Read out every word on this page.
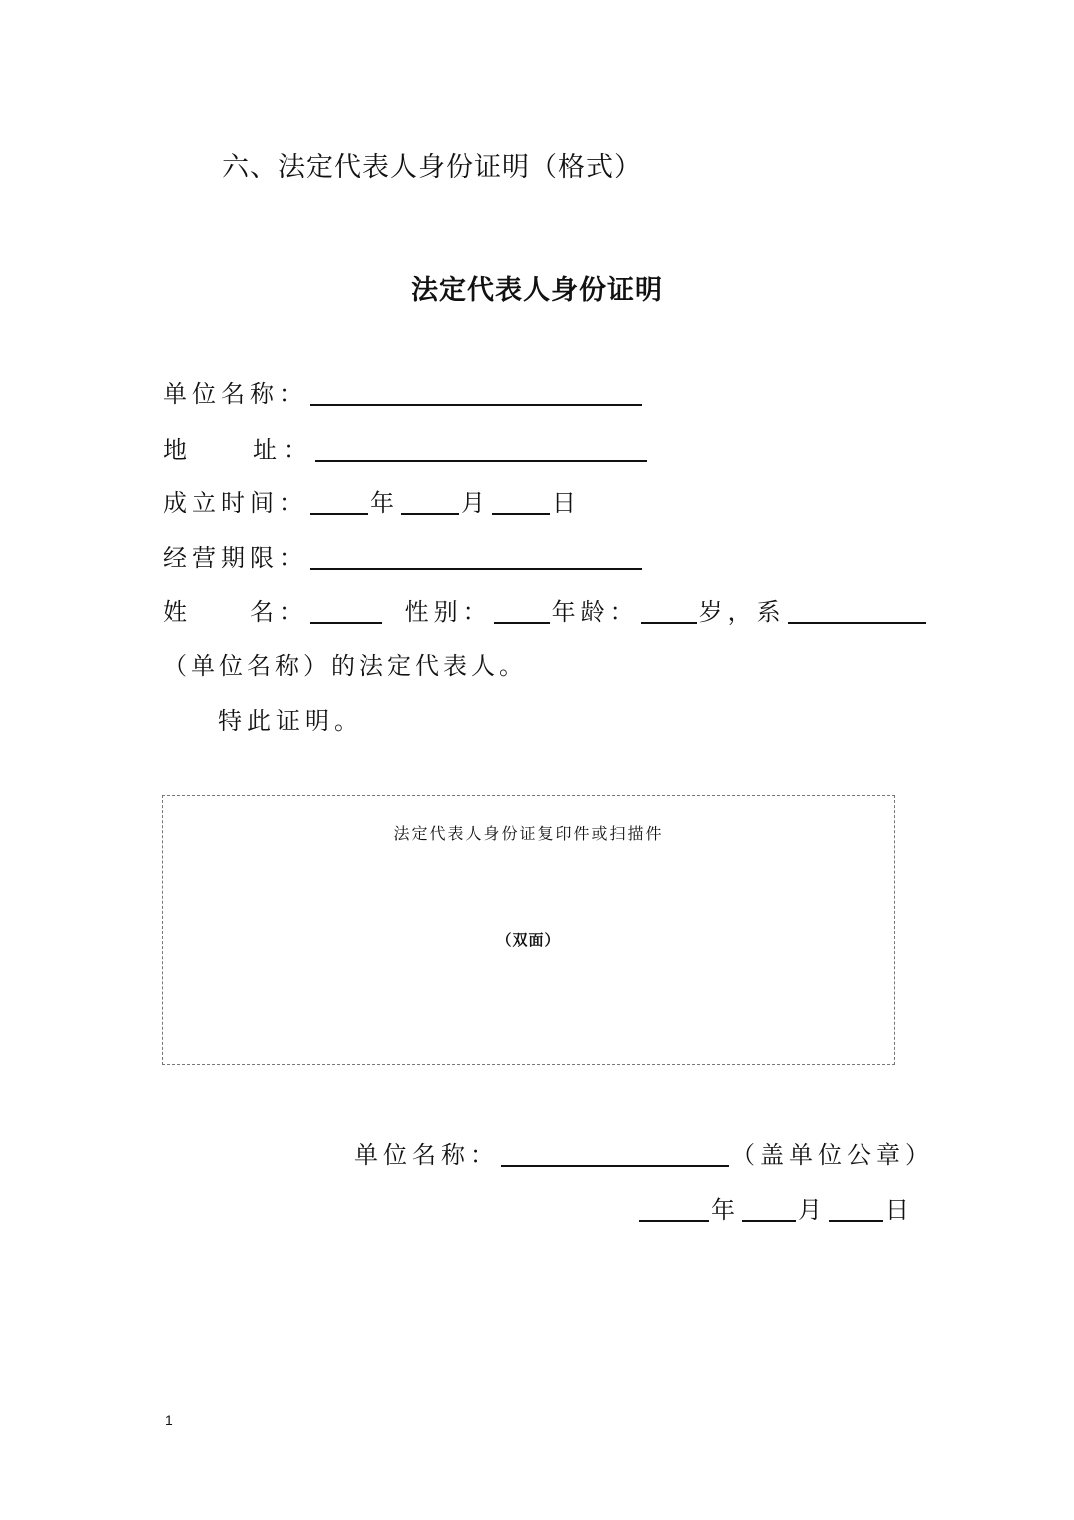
六、法定代表人身份证明（格式）
法定代表人身份证明
单位名称：
地　　址：
成立时间：	年	月	日
经营期限：
姓　　名：	性别：	年龄：	岁，系
（单位名称）的法定代表人。
特此证明。
法定代表人身份证复印件或扫描件
（双面）
单位名称：	（盖单位公章）
年 月 日
1
